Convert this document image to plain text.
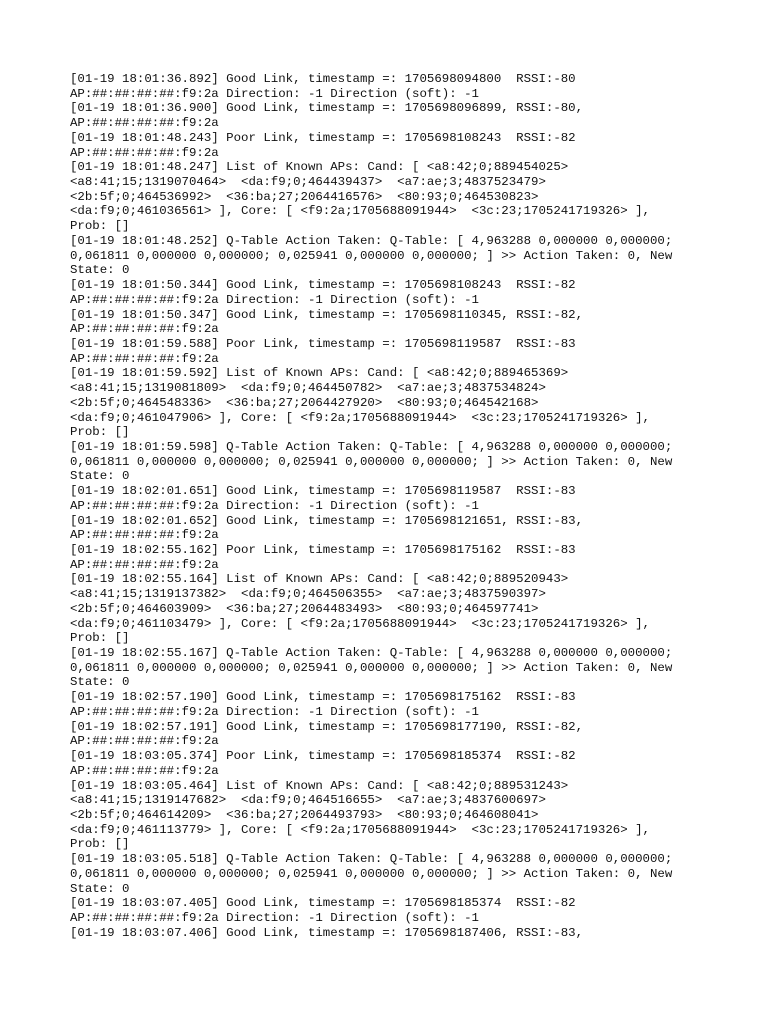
[01-19 18:01:36.892] Good Link, timestamp =: 1705698094800  RSSI:-80
AP:##:##:##:##:f9:2a Direction: -1 Direction (soft): -1
[01-19 18:01:36.900] Good Link, timestamp =: 1705698096899, RSSI:-80,
AP:##:##:##:##:f9:2a
[01-19 18:01:48.243] Poor Link, timestamp =: 1705698108243  RSSI:-82
AP:##:##:##:##:f9:2a
[01-19 18:01:48.247] List of Known APs: Cand: [ <a8:42;0;889454025>
<a8:41;15;1319070464>  <da:f9;0;464439437>  <a7:ae;3;4837523479>
<2b:5f;0;464536992>  <36:ba;27;2064416576>  <80:93;0;464530823>
<da:f9;0;461036561> ], Core: [ <f9:2a;1705688091944>  <3c:23;1705241719326> ],
Prob: []
[01-19 18:01:48.252] Q-Table Action Taken: Q-Table: [ 4,963288 0,000000 0,000000;
0,061811 0,000000 0,000000; 0,025941 0,000000 0,000000; ] >> Action Taken: 0, New
State: 0
[01-19 18:01:50.344] Good Link, timestamp =: 1705698108243  RSSI:-82
AP:##:##:##:##:f9:2a Direction: -1 Direction (soft): -1
[01-19 18:01:50.347] Good Link, timestamp =: 1705698110345, RSSI:-82,
AP:##:##:##:##:f9:2a
[01-19 18:01:59.588] Poor Link, timestamp =: 1705698119587  RSSI:-83
AP:##:##:##:##:f9:2a
[01-19 18:01:59.592] List of Known APs: Cand: [ <a8:42;0;889465369>
<a8:41;15;1319081809>  <da:f9;0;464450782>  <a7:ae;3;4837534824>
<2b:5f;0;464548336>  <36:ba;27;2064427920>  <80:93;0;464542168>
<da:f9;0;461047906> ], Core: [ <f9:2a;1705688091944>  <3c:23;1705241719326> ],
Prob: []
[01-19 18:01:59.598] Q-Table Action Taken: Q-Table: [ 4,963288 0,000000 0,000000;
0,061811 0,000000 0,000000; 0,025941 0,000000 0,000000; ] >> Action Taken: 0, New
State: 0
[01-19 18:02:01.651] Good Link, timestamp =: 1705698119587  RSSI:-83
AP:##:##:##:##:f9:2a Direction: -1 Direction (soft): -1
[01-19 18:02:01.652] Good Link, timestamp =: 1705698121651, RSSI:-83,
AP:##:##:##:##:f9:2a
[01-19 18:02:55.162] Poor Link, timestamp =: 1705698175162  RSSI:-83
AP:##:##:##:##:f9:2a
[01-19 18:02:55.164] List of Known APs: Cand: [ <a8:42;0;889520943>
<a8:41;15;1319137382>  <da:f9;0;464506355>  <a7:ae;3;4837590397>
<2b:5f;0;464603909>  <36:ba;27;2064483493>  <80:93;0;464597741>
<da:f9;0;461103479> ], Core: [ <f9:2a;1705688091944>  <3c:23;1705241719326> ],
Prob: []
[01-19 18:02:55.167] Q-Table Action Taken: Q-Table: [ 4,963288 0,000000 0,000000;
0,061811 0,000000 0,000000; 0,025941 0,000000 0,000000; ] >> Action Taken: 0, New
State: 0
[01-19 18:02:57.190] Good Link, timestamp =: 1705698175162  RSSI:-83
AP:##:##:##:##:f9:2a Direction: -1 Direction (soft): -1
[01-19 18:02:57.191] Good Link, timestamp =: 1705698177190, RSSI:-82,
AP:##:##:##:##:f9:2a
[01-19 18:03:05.374] Poor Link, timestamp =: 1705698185374  RSSI:-82
AP:##:##:##:##:f9:2a
[01-19 18:03:05.464] List of Known APs: Cand: [ <a8:42;0;889531243>
<a8:41;15;1319147682>  <da:f9;0;464516655>  <a7:ae;3;4837600697>
<2b:5f;0;464614209>  <36:ba;27;2064493793>  <80:93;0;464608041>
<da:f9;0;461113779> ], Core: [ <f9:2a;1705688091944>  <3c:23;1705241719326> ],
Prob: []
[01-19 18:03:05.518] Q-Table Action Taken: Q-Table: [ 4,963288 0,000000 0,000000;
0,061811 0,000000 0,000000; 0,025941 0,000000 0,000000; ] >> Action Taken: 0, New
State: 0
[01-19 18:03:07.405] Good Link, timestamp =: 1705698185374  RSSI:-82
AP:##:##:##:##:f9:2a Direction: -1 Direction (soft): -1
[01-19 18:03:07.406] Good Link, timestamp =: 1705698187406, RSSI:-83,
